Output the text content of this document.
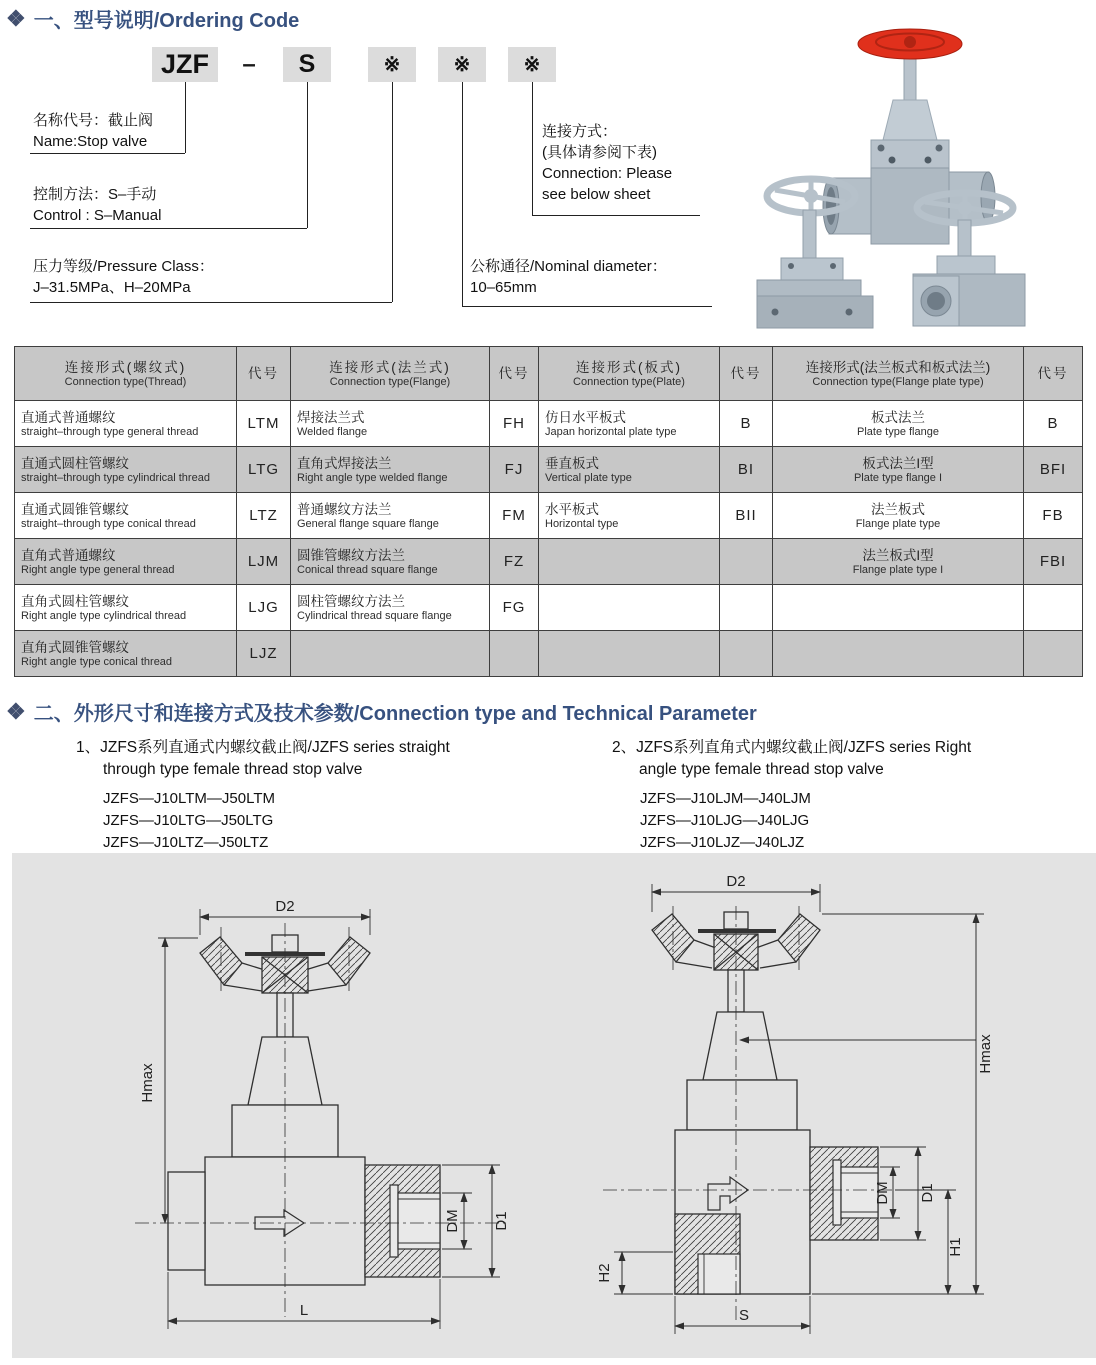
❖ 一、型号说明/Ordering Code
JZF	–	S	※	※	※
名称代号：截止阀
Name:Stop valve
控制方法：S–手动
Control : S–Manual
压力等级/Pressure Class：
J–31.5MPa、H–20MPa
连接方式：
(具体请参阅下表)
Connection: Please
see below sheet
公称通径/Nominal diameter：
10–65mm
连接形式(螺纹式)
Connection type(Thread)

代号	连接形式(法兰式)
Connection type(Flange)

代号	连接形式(板式)
Connection type(Plate)

代号	连接形式(法兰板式和板式法兰)
Connection type(Flange plate type)

代号

直通式普通螺纹
straight–through type general thread	LTM	焊接法兰式
Welded flange	FH	仿日水平板式
Japan horizontal plate type	B	板式法兰
Plate type flange	B

直通式圆柱管螺纹
straight–through type cylindrical thread	LTG	直角式焊接法兰
Right angle type welded flange	FJ	垂直板式
Vertical plate type	BI	板式法兰I型
Plate type flange I	BFI

直通式圆锥管螺纹
straight–through type conical thread	LTZ	普通螺纹方法兰
General flange square flange	FM	水平板式
Horizontal type	BII	法兰板式
Flange plate type	FB

直角式普通螺纹
Right angle type general thread	LJM	圆锥管螺纹方法兰
Conical thread square flange	FZ			法兰板式I型
Flange plate type I	FBI

直角式圆柱管螺纹
Right angle type cylindrical thread	LJG	圆柱管螺纹方法兰
Cylindrical thread square flange	FG				

直角式圆锥管螺纹
Right angle type conical thread	LJZ						
❖ 二、外形尺寸和连接方式及技术参数/Connection type and Technical Parameter
1、JZFS系列直通式内螺纹截止阀/JZFS series straight
through type female thread stop valve
JZFS—J10LTM—J50LTM
JZFS—J10LTG—J50LTG
JZFS—J10LTZ—J50LTZ
2、JZFS系列直角式内螺纹截止阀/JZFS series Right
angle type female thread stop valve
JZFS—J10LJM—J40LJM
JZFS—J10LJG—J40LJG
JZFS—J10LJZ—J40LJZ
D2
Hmax
DM D1
L
D2
Hmax
DM D1
H1
H2
S
